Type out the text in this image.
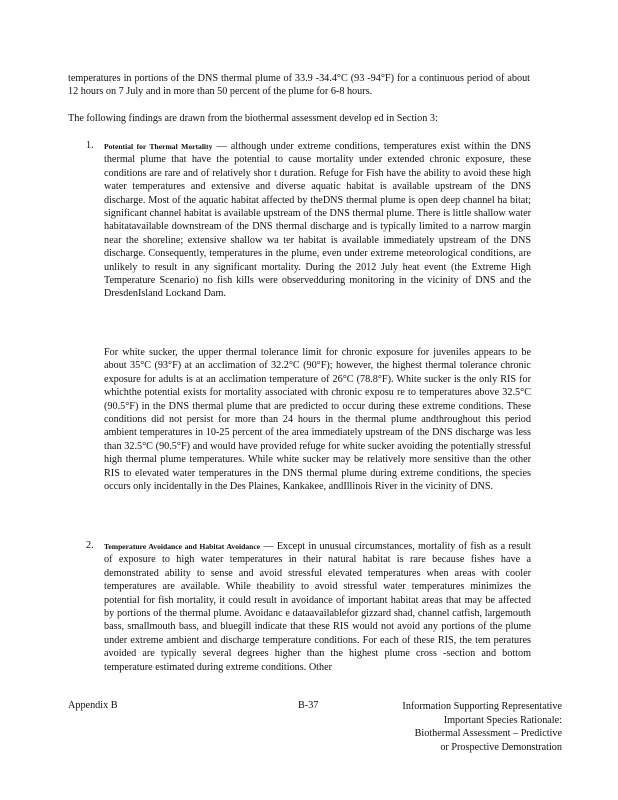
temperatures in portions of the DNS thermal plume of 33.9 -34.4°C (93 -94°F) for a continuous period of about 12 hours on 7 July and in more than 50 percent of the plume for 6-8 hours.
The following findings are drawn from the biothermal assessment develop ed in Section 3:
1. Potential for Thermal Mortality — although under extreme conditions, temperatures exist within the DNS thermal plume that have the potential to cause mortality under extended chronic exposure, these conditions are rare and of relatively shor t duration. Refuge for Fish have the ability to avoid these high water temperatures and extensive and diverse aquatic habitat is available upstream of the DNS discharge. Most of the aquatic habitat affected by theDNS thermal plume is open deep channel ha bitat; significant channel habitat is available upstream of the DNS thermal plume. There is little shallow water habitatavailable downstream of the DNS thermal discharge and is typically limited to a narrow margin near the shoreline; extensive shallow wa ter habitat is available immediately upstream of the DNS discharge. Consequently, temperatures in the plume, even under extreme meteorological conditions, are unlikely to result in any significant mortality. During the 2012 July heat event (the Extreme High Temperature Scenario) no fish kills were observedduring monitoring in the vicinity of DNS and the DresdenIsland Lockand Dam.
For white sucker, the upper thermal tolerance limit for chronic exposure for juveniles appears to be about 35°C (93°F) at an acclimation of 32.2°C (90°F); however, the highest thermal tolerance chronic exposure for adults is at an acclimation temperature of 26°C (78.8°F). White sucker is the only RIS for whichthe potential exists for mortality associated with chronic exposu re to temperatures above 32.5°C (90.5°F) in the DNS thermal plume that are predicted to occur during these extreme conditions. These conditions did not persist for more than 24 hours in the thermal plume andthroughout this period ambient temperatures in 10-25 percent of the area immediately upstream of the DNS discharge was less than 32.5°C (90.5°F) and would have provided refuge for white sucker avoiding the potentially stressful high thermal plume temperatures. While white sucker may be relatively more sensitive than the other RIS to elevated water temperatures in the DNS thermal plume during extreme conditions, the species occurs only incidentally in the Des Plaines, Kankakee, andIllinois River in the vicinity of DNS.
2. Temperature Avoidance and Habitat Avoidance — Except in unusual circumstances, mortality of fish as a result of exposure to high water temperatures in their natural habitat is rare because fishes have a demonstrated ability to sense and avoid stressful elevated temperatures when areas with cooler temperatures are available. While theability to avoid stressful water temperatures minimizes the potential for fish mortality, it could result in avoidance of important habitat areas that may be affected by portions of the thermal plume. Avoidanc e dataavailablefor gizzard shad, channel catfish, largemouth bass, smallmouth bass, and bluegill indicate that these RIS would not avoid any portions of the plume under extreme ambient and discharge temperature conditions. For each of these RIS, the tem peratures avoided are typically several degrees higher than the highest plume cross -section and bottom temperature estimated during extreme conditions. Other
Appendix B	B-37	Information Supporting Representative
Important Species Rationale:
Biothermal Assessment – Predictive
or Prospective Demonstration
